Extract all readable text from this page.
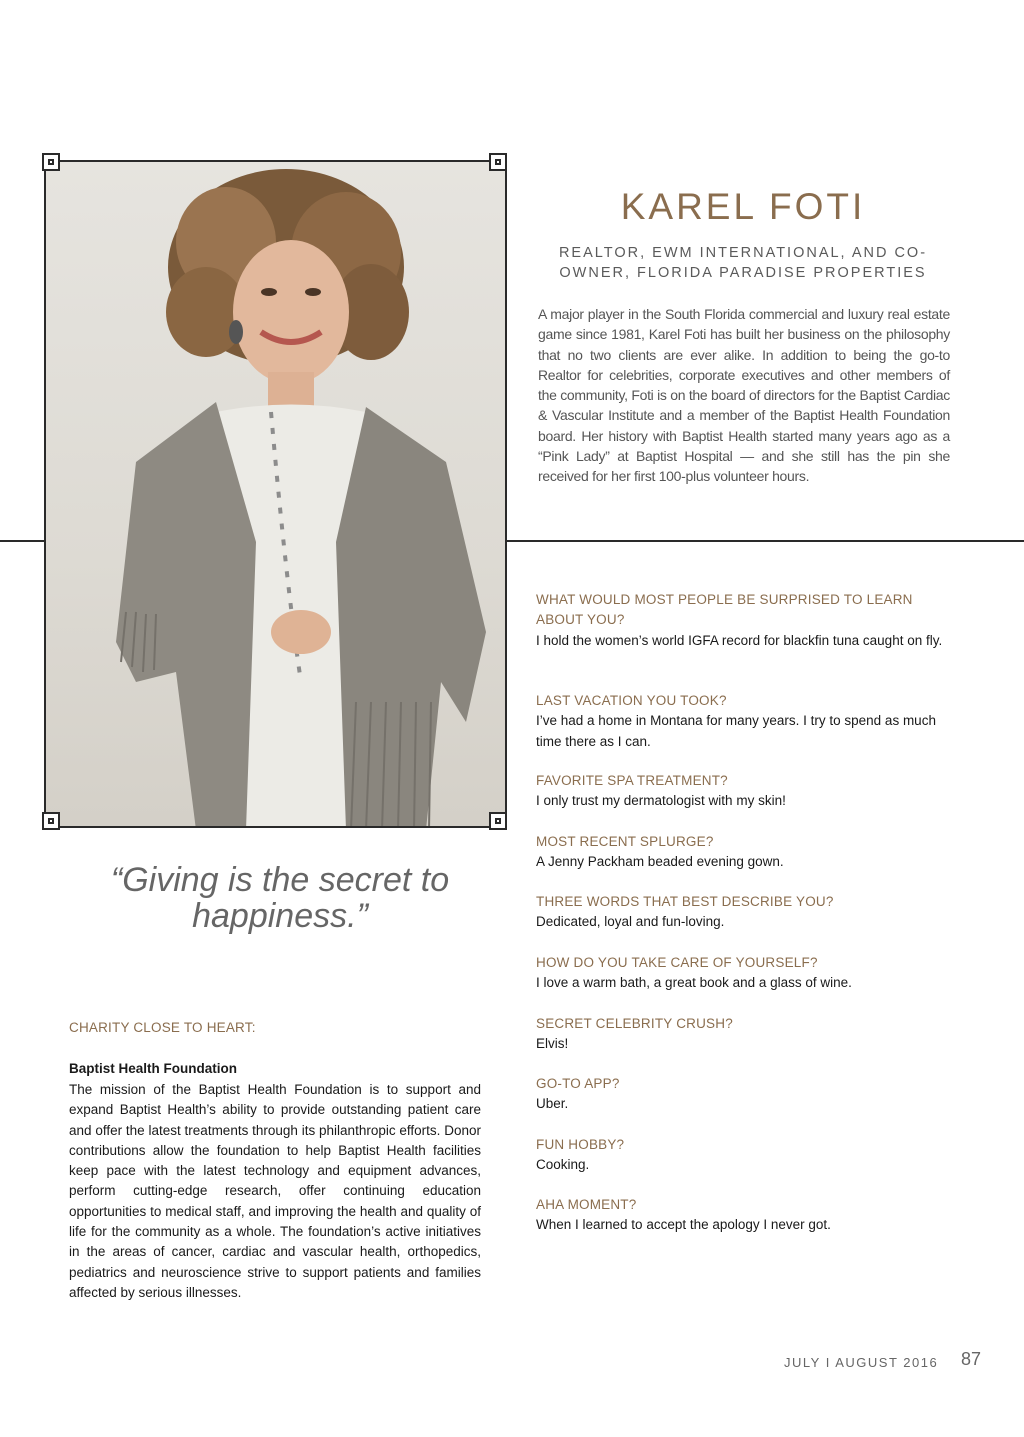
KAREL FOTI

REALTOR, EWM INTERNATIONAL, AND CO-OWNER, FLORIDA PARADISE PROPERTIES

A major player in the South Florida commercial and luxury real estate game since 1981, Karel Foti has built her business on the philosophy that no two clients are ever alike. In addition to being the go-to Realtor for celebrities, corporate executives and other members of the community, Foti is on the board of directors for the Baptist Cardiac & Vascular Institute and a member of the Baptist Health Foundation board. Her history with Baptist Health started many years ago as a “Pink Lady” at Baptist Hospital — and she still has the pin she received for her first 100-plus volunteer hours.

“Giving is the secret to happiness.”

CHARITY CLOSE TO HEART:

Baptist Health Foundation

The mission of the Baptist Health Foundation is to support and expand Baptist Health’s ability to provide outstanding patient care and offer the latest treatments through its philanthropic efforts. Donor contributions allow the foundation to help Baptist Health facilities keep pace with the latest technology and equipment advances, perform cutting-edge research, offer continuing education opportunities to medical staff, and improving the health and quality of life for the community as a whole. The foundation’s active initiatives in the areas of cancer, cardiac and vascular health, orthopedics, pediatrics and neuroscience strive to support patients and families affected by serious illnesses.

WHAT WOULD MOST PEOPLE BE SURPRISED TO LEARN ABOUT YOU?
I hold the women’s world IGFA record for blackfin tuna caught on fly.
LAST VACATION YOU TOOK?
I’ve had a home in Montana for many years. I try to spend as much time there as I can.
FAVORITE SPA TREATMENT?
I only trust my dermatologist with my skin!
MOST RECENT SPLURGE?
A Jenny Packham beaded evening gown.
THREE WORDS THAT BEST DESCRIBE YOU?
Dedicated, loyal and fun-loving.
HOW DO YOU TAKE CARE OF YOURSELF?
I love a warm bath, a great book and a glass of wine.
SECRET CELEBRITY CRUSH?
Elvis!
GO-TO APP?
Uber.
FUN HOBBY?
Cooking.
AHA MOMENT?
When I learned to accept the apology I never got.
JULY I AUGUST 2016 87
